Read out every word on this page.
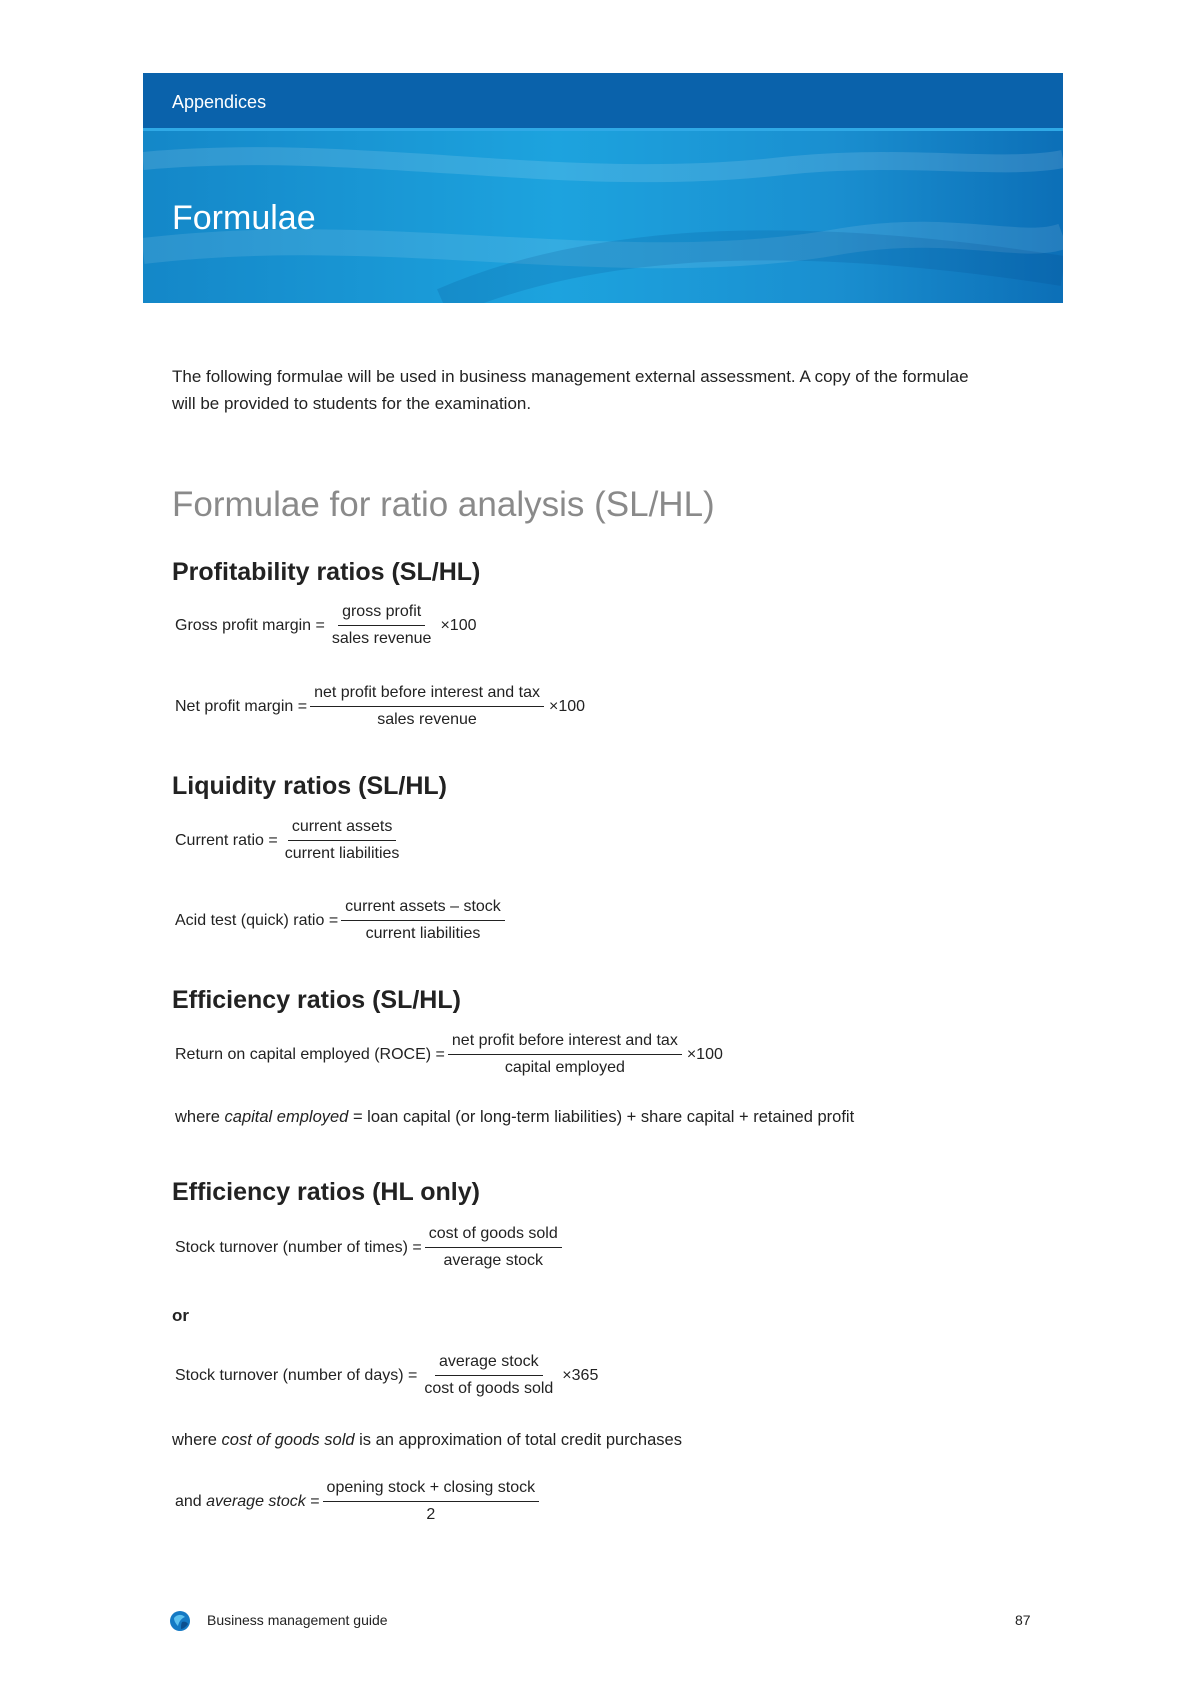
Appendices
Formulae

The following formulae will be used in business management external assessment. A copy of the formulae

will be provided to students for the examination.

Formulae for ratio analysis (SL/HL)
Profitability ratios (SL/HL)
Gross profit margin = $\frac{\text{gross profit}}{\text{sales revenue}} \times 100$
Net profit margin = $\frac{\text{net profit before interest and tax}}{\text{sales revenue}} \times 100$
Liquidity ratios (SL/HL)
Current ratio = $\frac{\text{current assets}}{\text{current liabilities}}$
Acid test (quick) ratio = $\frac{\text{current assets – stock}}{\text{current liabilities}}$
Efficiency ratios (SL/HL)
Return on capital employed (ROCE) = $\frac{\text{net profit before interest and tax}}{\text{capital employed}} \times 100$
where capital employed = loan capital (or long-term liabilities) + share capital + retained profit
Efficiency ratios (HL only)
Stock turnover (number of times) = $\frac{\text{cost of goods sold}}{\text{average stock}}$
or
Stock turnover (number of days) = $\frac{\text{average stock}}{\text{cost of goods sold}} \times 365$
where cost of goods sold is an approximation of total credit purchases
and average stock = $\frac{\text{opening stock + closing stock}}{2}$
Business management guide	87
